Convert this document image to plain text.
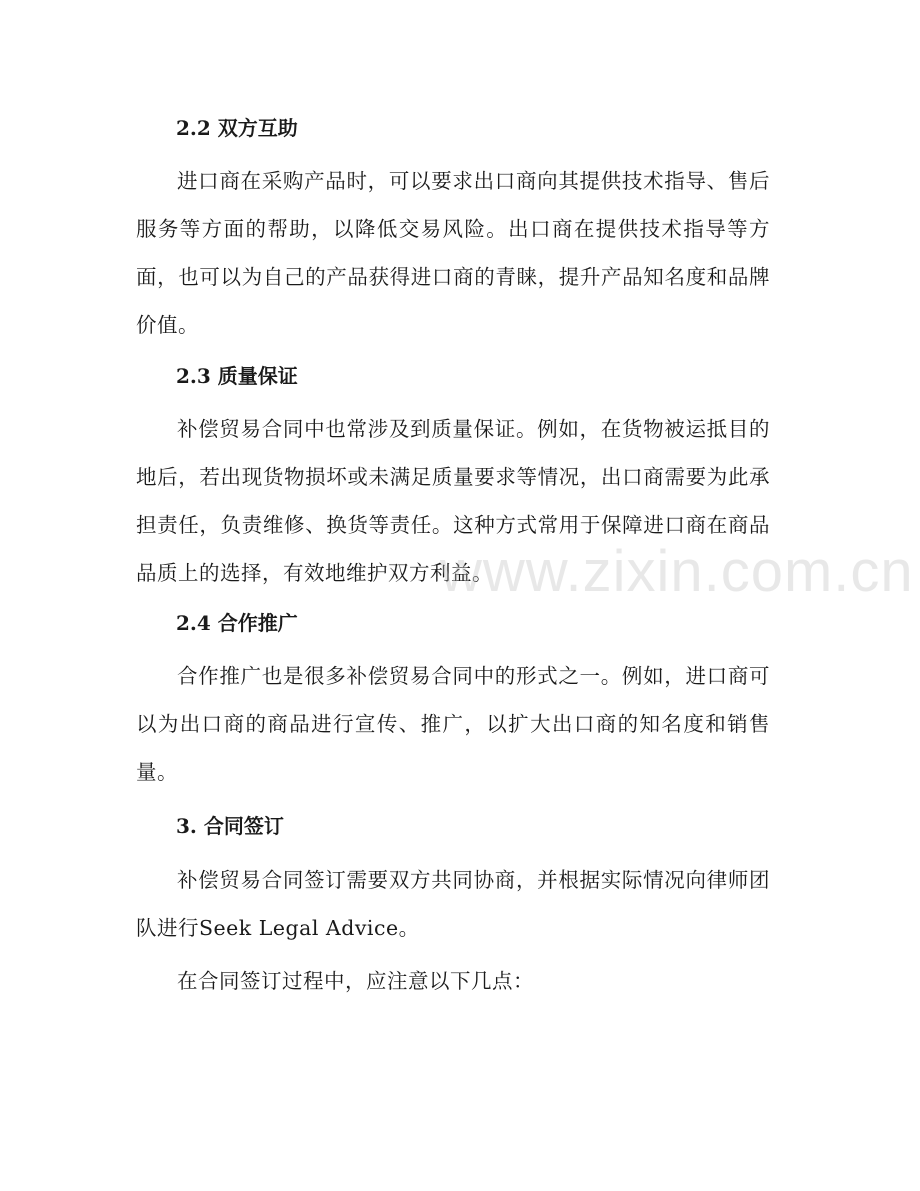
2.2 双方互助
进口商在采购产品时，可以要求出口商向其提供技术指导、售后服务等方面的帮助，以降低交易风险。出口商在提供技术指导等方面，也可以为自己的产品获得进口商的青睐，提升产品知名度和品牌价值。
2.3 质量保证
补偿贸易合同中也常涉及到质量保证。例如，在货物被运抵目的地后，若出现货物损坏或未满足质量要求等情况，出口商需要为此承担责任，负责维修、换货等责任。这种方式常用于保障进口商在商品品质上的选择，有效地维护双方利益。
2.4 合作推广
合作推广也是很多补偿贸易合同中的形式之一。例如，进口商可以为出口商的商品进行宣传、推广，以扩大出口商的知名度和销售量。
3. 合同签订
补偿贸易合同签订需要双方共同协商，并根据实际情况向律师团队进行Seek Legal Advice。
在合同签订过程中，应注意以下几点：
www.zixin.com.cn
